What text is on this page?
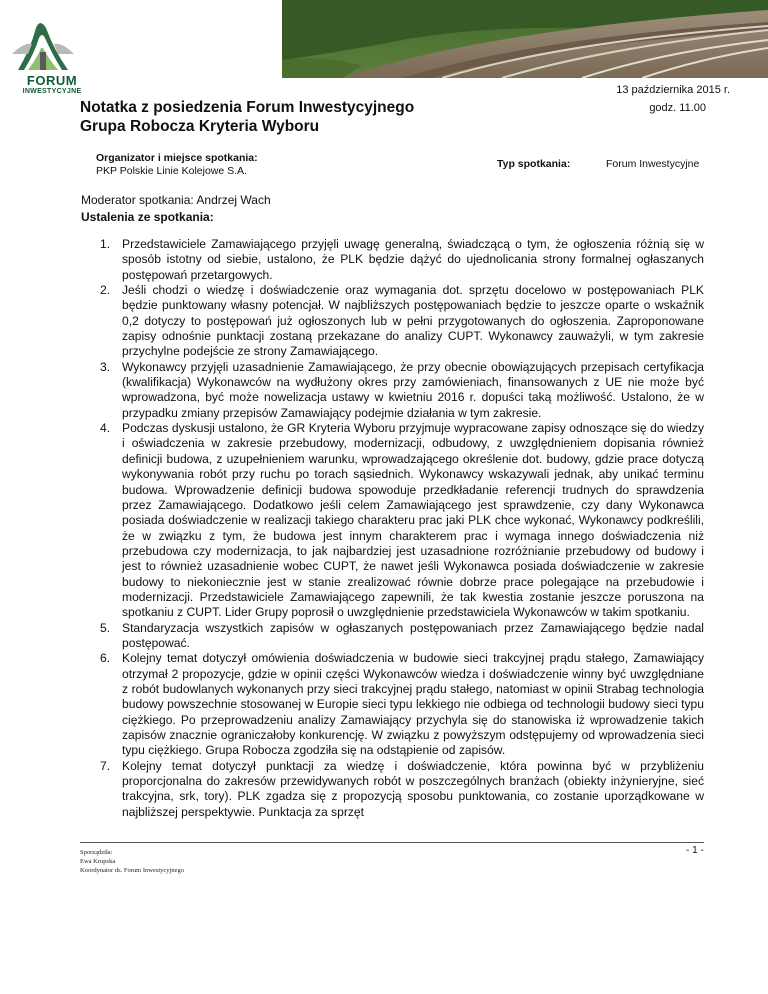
FORUM
INWESTYCYJNE	13 października 2015 r.
godz. 11.00
Notatka z posiedzenia Forum Inwestycyjnego
Grupa Robocza Kryteria Wyboru
Organizator i miejsce spotkania:
PKP Polskie Linie Kolejowe S.A.
Typ spotkania:	Forum Inwestycyjne
Moderator spotkania: Andrzej Wach
Ustalenia ze spotkania:
1. Przedstawiciele Zamawiającego przyjęli uwagę generalną, świadczącą o tym, że ogłoszenia różnią się w sposób istotny od siebie, ustalono, że PLK będzie dążyć do ujednolicania strony formalnej ogłaszanych postępowań przetargowych.
2. Jeśli chodzi o wiedzę i doświadczenie oraz wymagania dot. sprzętu docelowo w postępowaniach PLK będzie punktowany własny potencjał. W najbliższych postępowaniach będzie to jeszcze oparte o wskaźnik 0,2 dotyczy to postępowań już ogłoszonych lub w pełni przygotowanych do ogłoszenia. Zaproponowane zapisy odnośnie punktacji zostaną przekazane do analizy CUPT. Wykonawcy zauważyli, w tym zakresie przychylne podejście ze strony Zamawiającego.
3. Wykonawcy przyjęli uzasadnienie Zamawiającego, że przy obecnie obowiązujących przepisach certyfikacja (kwalifikacja) Wykonawców na wydłużony okres przy zamówieniach, finansowanych z UE nie może być wprowadzona, być może nowelizacja ustawy w kwietniu 2016 r. dopuści taką możliwość. Ustalono, że w przypadku zmiany przepisów Zamawiający podejmie działania w tym zakresie.
4. Podczas dyskusji ustalono, że GR Kryteria Wyboru przyjmuje wypracowane zapisy odnoszące się do wiedzy i oświadczenia w zakresie przebudowy, modernizacji, odbudowy, z uwzględnieniem dopisania również definicji budowa, z uzupełnieniem warunku, wprowadzającego określenie dot. budowy, gdzie prace dotyczą wykonywania robót przy ruchu po torach sąsiednich. Wykonawcy wskazywali jednak, aby unikać terminu budowa. Wprowadzenie definicji budowa spowoduje przedkładanie referencji trudnych do sprawdzenia przez Zamawiającego. Dodatkowo jeśli celem Zamawiającego jest sprawdzenie, czy dany Wykonawca posiada doświadczenie w realizacji takiego charakteru prac jaki PLK chce wykonać, Wykonawcy podkreślili, że w związku z tym, że budowa jest innym charakterem prac i wymaga innego doświadczenia niż przebudowa czy modernizacja, to jak najbardziej jest uzasadnione rozróżnianie przebudowy od budowy i jest to również uzasadnienie wobec CUPT, że nawet jeśli Wykonawca posiada doświadczenie w zakresie budowy to niekoniecznie jest w stanie zrealizować równie dobrze prace polegające na przebudowie i modernizacji. Przedstawiciele Zamawiającego zapewnili, że tak kwestia zostanie jeszcze poruszona na spotkaniu z CUPT. Lider Grupy poprosił o uwzględnienie przedstawiciela Wykonawców w takim spotkaniu.
5. Standaryzacja wszystkich zapisów w ogłaszanych postępowaniach przez Zamawiającego będzie nadal postępować.
6. Kolejny temat dotyczył omówienia doświadczenia w budowie sieci trakcyjnej prądu stałego, Zamawiający otrzymał 2 propozycje, gdzie w opinii części Wykonawców wiedza i doświadczenie winny być uwzględniane z robót budowlanych wykonanych przy sieci trakcyjnej prądu stałego, natomiast w opinii Strabag technologia budowy powszechnie stosowanej w Europie sieci typu lekkiego nie odbiega od technologii budowy sieci typu ciężkiego. Po przeprowadzeniu analizy Zamawiający przychyla się do stanowiska iż wprowadzenie takich zapisów znacznie ograniczałoby konkurencję. W związku z powyższym odstępujemy od wprowadzenia sieci typu ciężkiego. Grupa Robocza zgodziła się na odstąpienie od zapisów.
7. Kolejny temat dotyczył punktacji za wiedzę i doświadczenie, która powinna być w przybliżeniu proporcjonalna do zakresów przewidywanych robót w poszczególnych branżach (obiekty inżynieryjne, sieć trakcyjna, srk, tory). PLK zgadza się z propozycją sposobu punktowania, co zostanie uporządkowane w najbliższej perspektywie. Punktacja za sprzęt
- 1 -
Sporządziła:
Ewa Krupska
Koordynator ds. Forum Inwestycyjnego
